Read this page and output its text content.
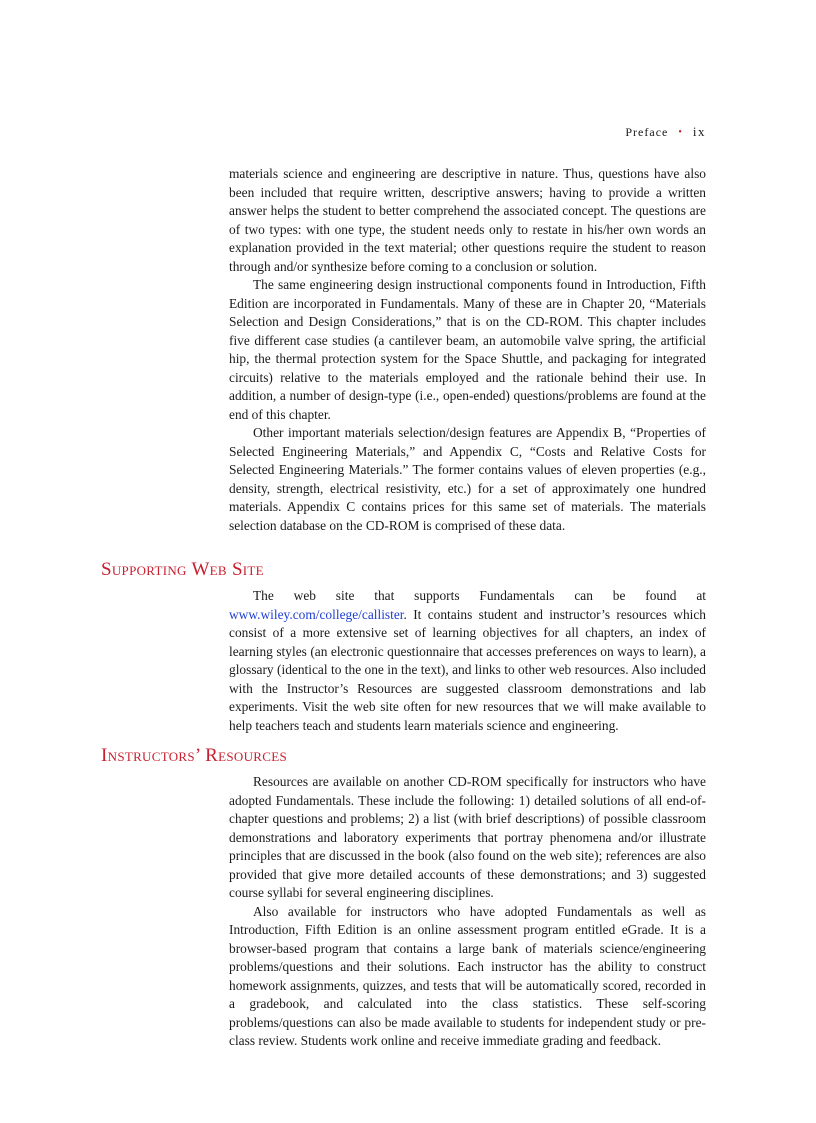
Preface • ix

materials science and engineering are descriptive in nature. Thus, questions have also been included that require written, descriptive answers; having to provide a written answer helps the student to better comprehend the associated concept. The questions are of two types: with one type, the student needs only to restate in his/her own words an explanation provided in the text material; other questions require the student to reason through and/or synthesize before coming to a conclusion or solution.

The same engineering design instructional components found in Introduction, Fifth Edition are incorporated in Fundamentals. Many of these are in Chapter 20, “Materials Selection and Design Considerations,” that is on the CD-ROM. This chapter includes five different case studies (a cantilever beam, an automobile valve spring, the artificial hip, the thermal protection system for the Space Shuttle, and packaging for integrated circuits) relative to the materials employed and the rationale behind their use. In addition, a number of design-type (i.e., open-ended) questions/problems are found at the end of this chapter.

Other important materials selection/design features are Appendix B, “Properties of Selected Engineering Materials,” and Appendix C, “Costs and Relative Costs for Selected Engineering Materials.” The former contains values of eleven properties (e.g., density, strength, electrical resistivity, etc.) for a set of approximately one hundred materials. Appendix C contains prices for this same set of materials. The materials selection database on the CD-ROM is comprised of these data.

Supporting Web Site

The web site that supports Fundamentals can be found at www.wiley.com/college/callister. It contains student and instructor’s resources which consist of a more extensive set of learning objectives for all chapters, an index of learning styles (an electronic questionnaire that accesses preferences on ways to learn), a glossary (identical to the one in the text), and links to other web resources. Also included with the Instructor’s Resources are suggested classroom demonstrations and lab experiments. Visit the web site often for new resources that we will make available to help teachers teach and students learn materials science and engineering.

Instructors’ Resources

Resources are available on another CD-ROM specifically for instructors who have adopted Fundamentals. These include the following: 1) detailed solutions of all end-of-chapter questions and problems; 2) a list (with brief descriptions) of possible classroom demonstrations and laboratory experiments that portray phenomena and/or illustrate principles that are discussed in the book (also found on the web site); references are also provided that give more detailed accounts of these demonstrations; and 3) suggested course syllabi for several engineering disciplines.

Also available for instructors who have adopted Fundamentals as well as Introduction, Fifth Edition is an online assessment program entitled eGrade. It is a browser-based program that contains a large bank of materials science/engineering problems/questions and their solutions. Each instructor has the ability to construct homework assignments, quizzes, and tests that will be automatically scored, recorded in a gradebook, and calculated into the class statistics. These self-scoring problems/questions can also be made available to students for independent study or pre-class review. Students work online and receive immediate grading and feedback.
